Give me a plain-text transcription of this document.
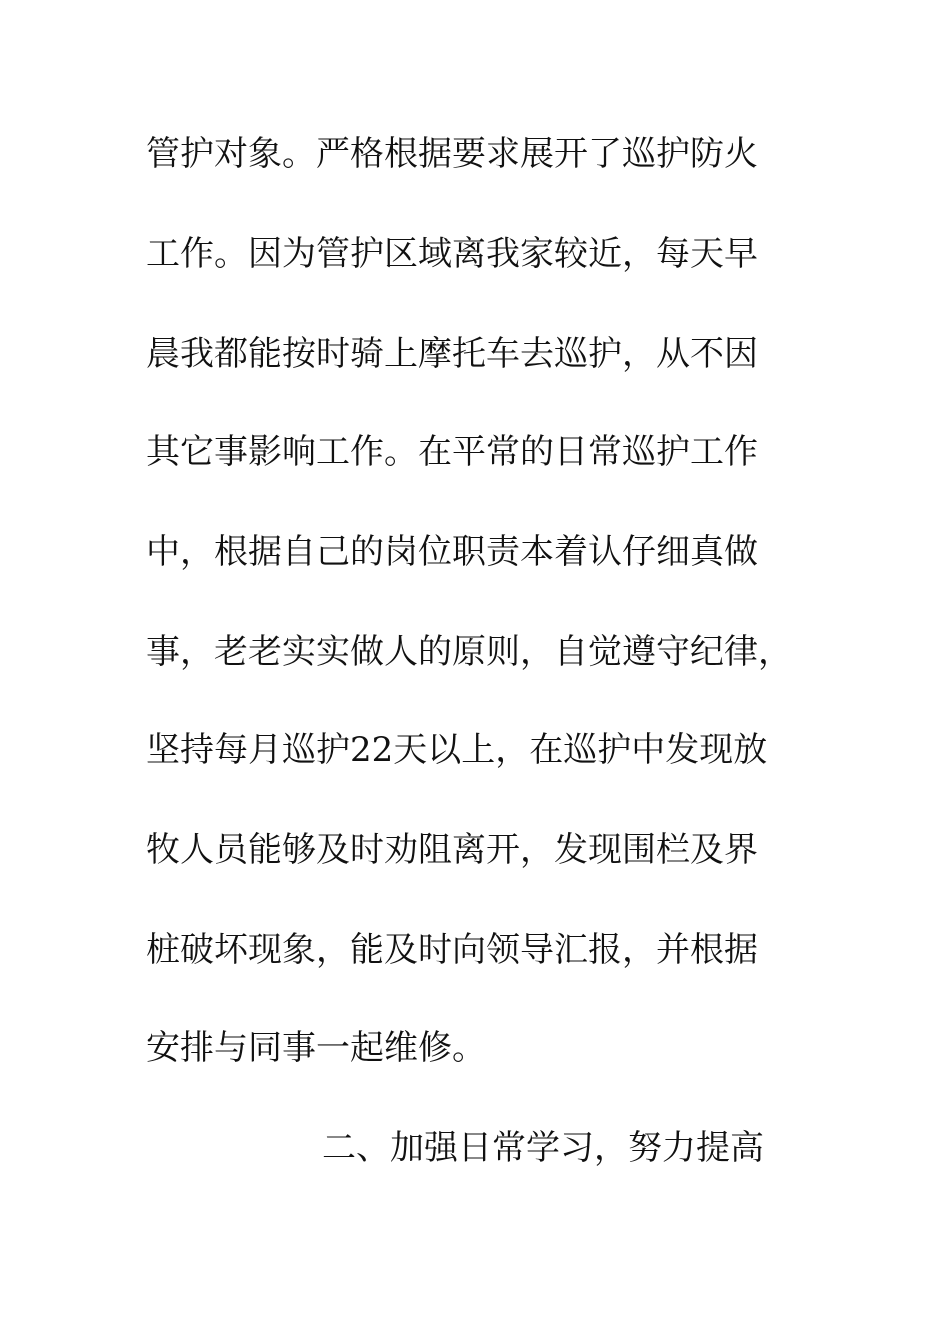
管护对象。严格根据要求展开了巡护防火
工作。因为管护区域离我家较近，每天早
晨我都能按时骑上摩托车去巡护，从不因
其它事影响工作。在平常的日常巡护工作
中，根据自己的岗位职责本着认仔细真做
事，老老实实做人的原则，自觉遵守纪律，
坚持每月巡护22天以上，在巡护中发现放
牧人员能够及时劝阻离开，发现围栏及界
桩破坏现象，能及时向领导汇报，并根据
安排与同事一起维修。
二、加强日常学习，努力提高
